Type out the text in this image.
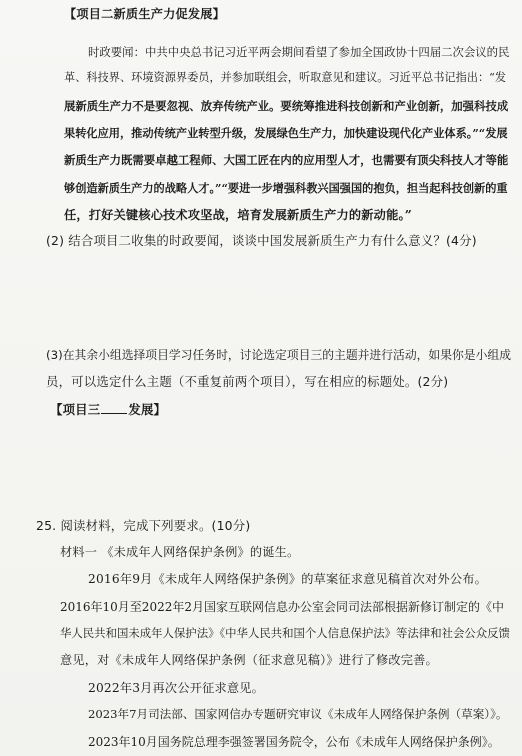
【项目二新质生产力促发展】
时政要闻：中共中央总书记习近平两会期间看望了参加全国政协十四届二次会议的民
革、科技界、环境资源界委员，并参加联组会，听取意见和建议。习近平总书记指出：“发
展新质生产力不是要忽视、放弃传统产业。要统筹推进科技创新和产业创新，加强科技成
果转化应用，推动传统产业转型升级，发展绿色生产力，加快建设现代化产业体系。”“发展
新质生产力既需要卓越工程师、大国工匠在内的应用型人才，也需要有顶尖科技人才等能
够创造新质生产力的战略人才。”“要进一步增强科教兴国强国的抱负，担当起科技创新的重
任，打好关键核心技术攻坚战，培育发展新质生产力的新动能。”
(2) 结合项目二收集的时政要闻，谈谈中国发展新质生产力有什么意义？(4分)
(3)在其余小组选择项目学习任务时，讨论选定项目三的主题并进行活动，如果你是小组成
员，可以选定什么主题（不重复前两个项目），写在相应的标题处。(2分)
【项目三 发展】
25. 阅读材料，完成下列要求。(10分)
材料一 《未成年人网络保护条例》的诞生。
2016年9月《未成年人网络保护条例》的草案征求意见稿首次对外公布。
2016年10月至2022年2月国家互联网信息办公室会同司法部根据新修订制定的《中
华人民共和国未成年人保护法》《中华人民共和国个人信息保护法》等法律和社会公众反馈
意见，对《未成年人网络保护条例（征求意见稿）》进行了修改完善。
2022年3月再次公开征求意见。
2023年7月司法部、国家网信办专题研究审议《未成年人网络保护条例（草案）》。
2023年10月国务院总理李强签署国务院令，公布《未成年人网络保护条例》。
